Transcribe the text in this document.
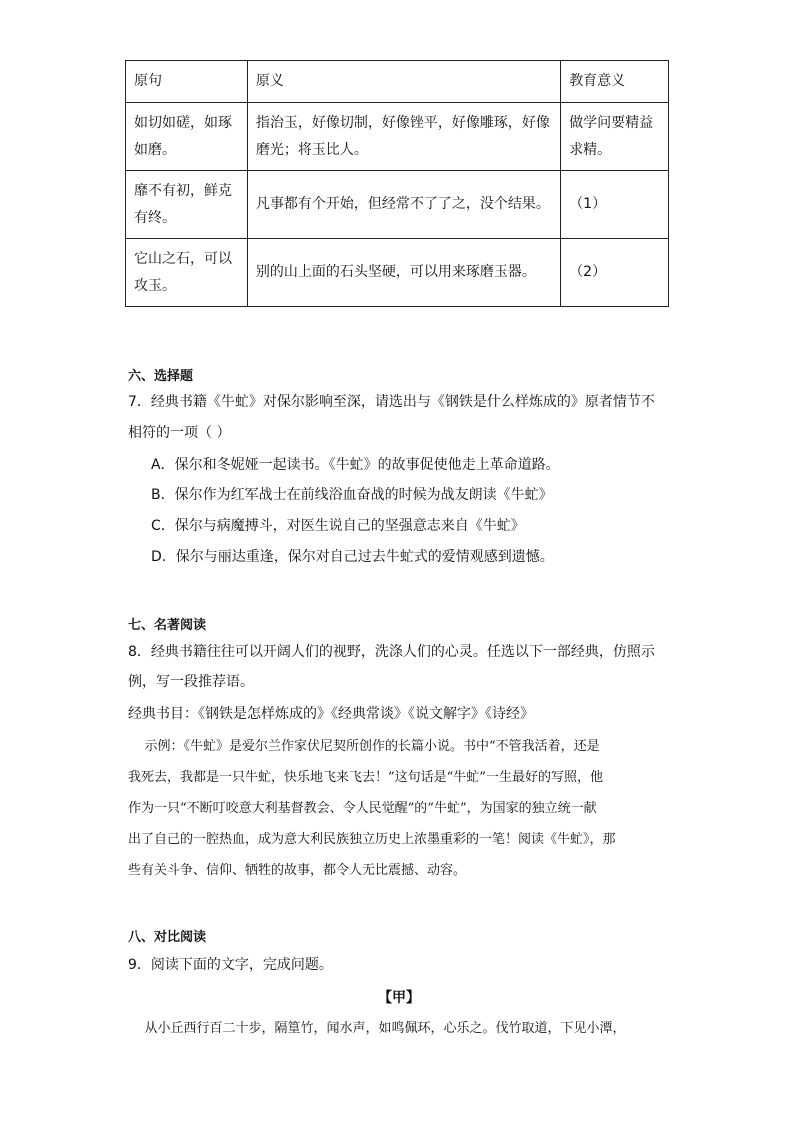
原句	原义	教育意义
如切如磋，如琢如磨。	指治玉，好像切制，好像锉平，好像雕琢，好像磨光；将玉比人。	做学问要精益求精。
靡不有初，鲜克有终。	凡事都有个开始，但经常不了了之，没个结果。	（1）
它山之石，可以攻玉。	别的山上面的石头坚硬，可以用来琢磨玉器。	（2）
六、选择题
7．经典书籍《牛虻》对保尔影响至深，请选出与《钢铁是什么样炼成的》原者情节不
相符的一项（ ）
A．保尔和冬妮娅一起读书。《牛虻》的故事促使他走上革命道路。
B．保尔作为红军战士在前线浴血奋战的时候为战友朗读《牛虻》
C．保尔与病魔搏斗，对医生说自己的坚强意志来自《牛虻》
D．保尔与丽达重逢，保尔对自己过去牛虻式的爱情观感到遗憾。
七、名著阅读
8．经典书籍往往可以开阔人们的视野，洗涤人们的心灵。任选以下一部经典，仿照示
例，写一段推荐语。
经典书目：《钢铁是怎样炼成的》《经典常谈》《说文解字》《诗经》
示例：《牛虻》是爱尔兰作家伏尼契所创作的长篇小说。书中“不管我活着，还是
我死去，我都是一只牛虻，快乐地飞来飞去！”这句话是“牛虻”一生最好的写照，他
作为一只“不断叮咬意大利基督教会、令人民觉醒”的“牛虻”，为国家的独立统一献
出了自己的一腔热血，成为意大利民族独立历史上浓墨重彩的一笔！阅读《牛虻》，那
些有关斗争、信仰、牺牲的故事，都令人无比震撼、动容。
八、对比阅读
9．阅读下面的文字，完成问题。
【甲】
从小丘西行百二十步，隔篁竹，闻水声，如鸣佩环，心乐之。伐竹取道，下见小潭，
